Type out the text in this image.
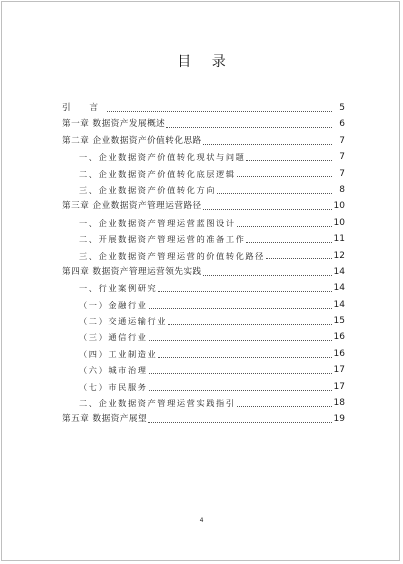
目 录
引 言	5
第一章 数据资产发展概述	6
第二章 企业数据资产价值转化思路	7
一、企业数据资产价值转化现状与问题	7
二、企业数据资产价值转化底层逻辑	7
三、企业数据资产价值转化方向	8
第三章 企业数据资产管理运营路径	10
一、企业数据资产管理运营蓝图设计	10
二、开展数据资产管理运营的准备工作	11
三、企业数据资产管理运营的价值转化路径	12
第四章 数据资产管理运营领先实践	14
一、行业案例研究	14
（一）金融行业	14
（二）交通运输行业	15
（三）通信行业	16
（四）工业制造业	16
（六）城市治理	17
（七）市民服务	17
二、企业数据资产管理运营实践指引	18
第五章 数据资产展望	19
4
